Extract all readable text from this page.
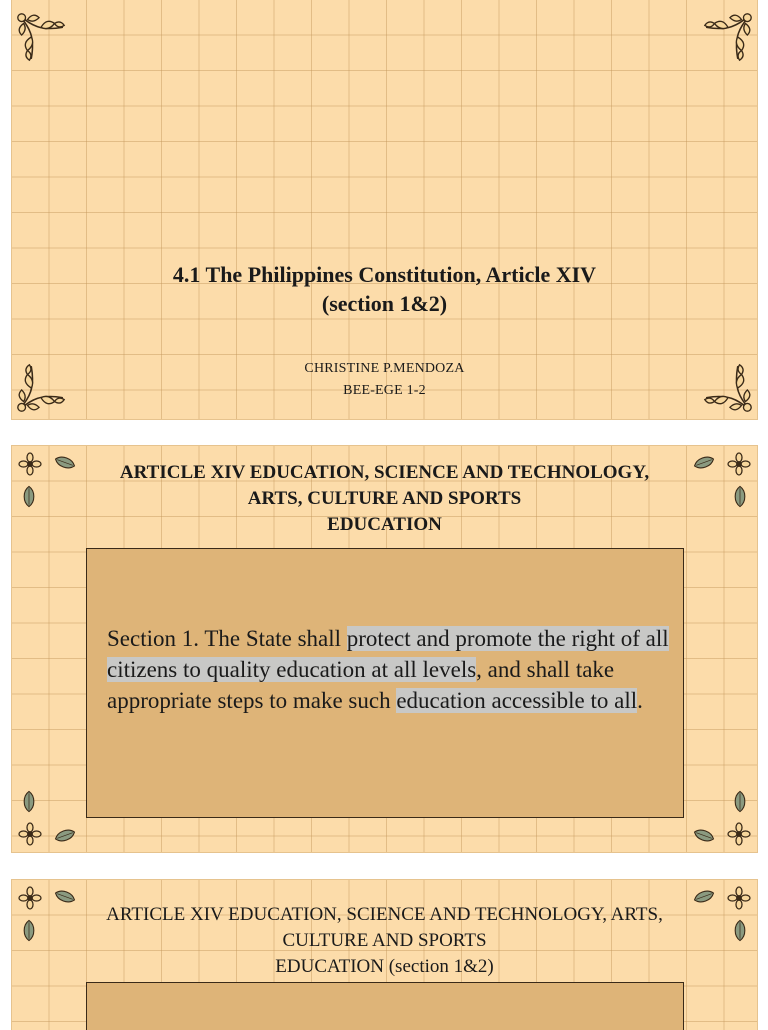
4.1 The Philippines Constitution, Article XIV
(section 1&2)
CHRISTINE P.MENDOZA
BEE-EGE 1-2
ARTICLE XIV EDUCATION, SCIENCE AND TECHNOLOGY,
ARTS, CULTURE AND SPORTS
EDUCATION
Section 1. The State shall protect and promote the right of all citizens to quality education at all levels, and shall take appropriate steps to make such education accessible to all.
ARTICLE XIV EDUCATION, SCIENCE AND TECHNOLOGY, ARTS,
CULTURE AND SPORTS
EDUCATION (section 1&2)
